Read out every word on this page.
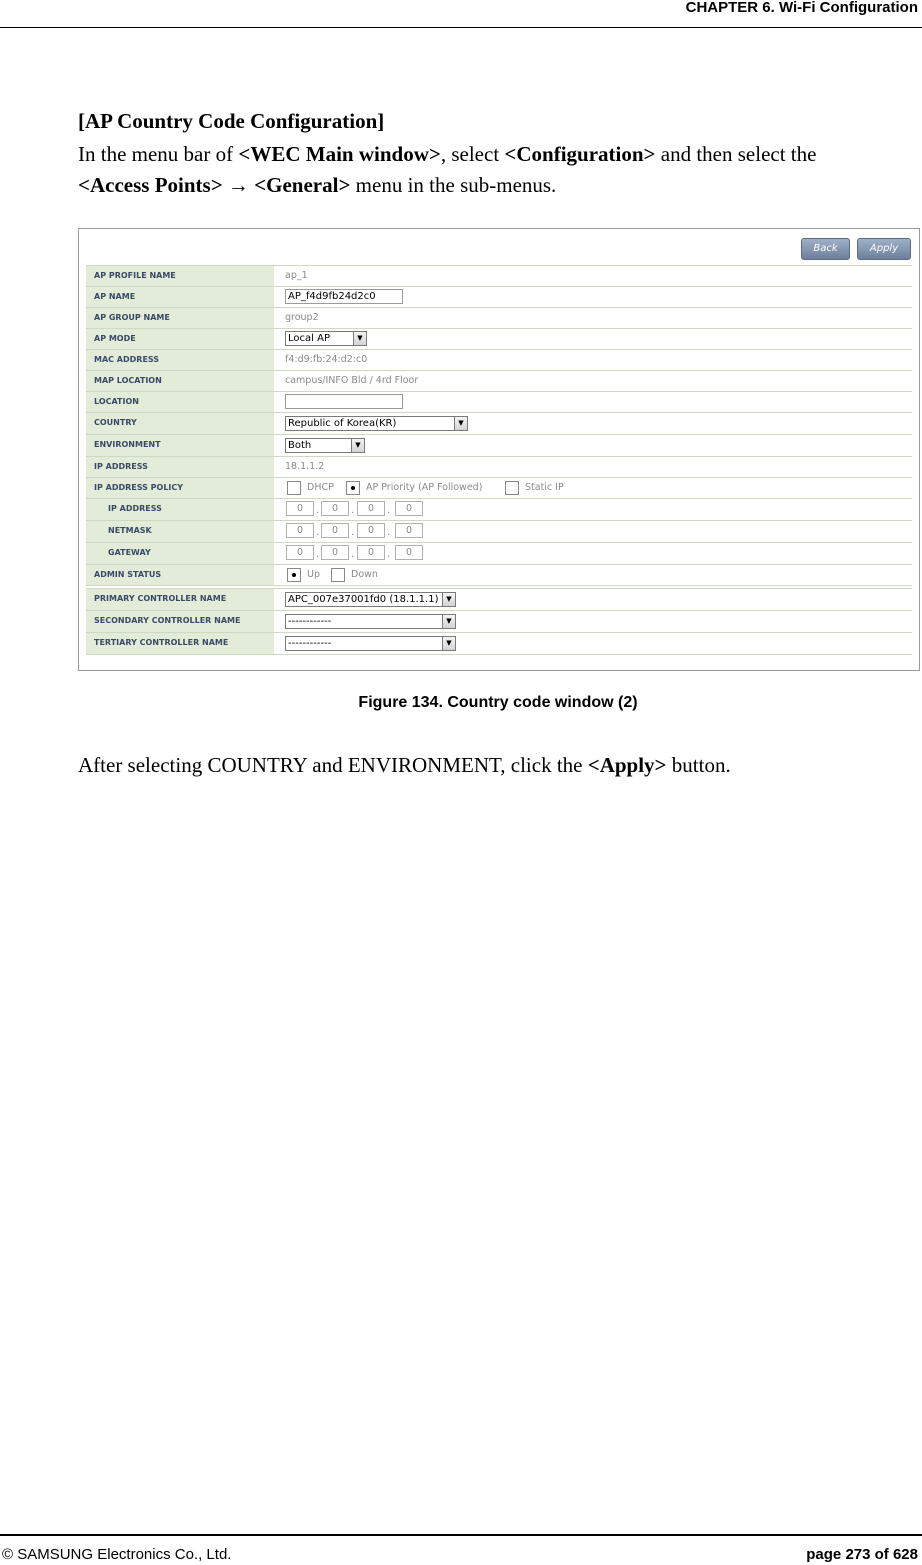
CHAPTER 6. Wi-Fi Configuration
[AP Country Code Configuration]
In the menu bar of <WEC Main window>, select <Configuration> and then select the
<Access Points> → <General> menu in the sub-menus.
Back	Apply
AP PROFILE NAME	ap_1
AP NAME	AP_f4d9fb24d2c0
AP GROUP NAME	group2
AP MODE	Local AP	▼
MAC ADDRESS	f4:d9:fb:24:d2:c0
MAP LOCATION	campus/INFO Bld / 4rd Floor
LOCATION
COUNTRY	Republic of Korea(KR)	▼
ENVIRONMENT	Both	▼
IP ADDRESS	18.1.1.2
IP ADDRESS POLICY	DHCP	AP Priority (AP Followed)	Static IP
IP ADDRESS	0	.	0	.	0	.	0
NETMASK	0	.	0	.	0	.	0
GATEWAY	0	.	0	.	0	.	0
ADMIN STATUS	Up	Down
PRIMARY CONTROLLER NAME	APC_007e37001fd0 (18.1.1.1)	▼
SECONDARY CONTROLLER NAME	------------	▼
TERTIARY CONTROLLER NAME	------------	▼
Figure 134. Country code window (2)
After selecting COUNTRY and ENVIRONMENT, click the <Apply> button.
© SAMSUNG Electronics Co., Ltd.	page 273 of 628
